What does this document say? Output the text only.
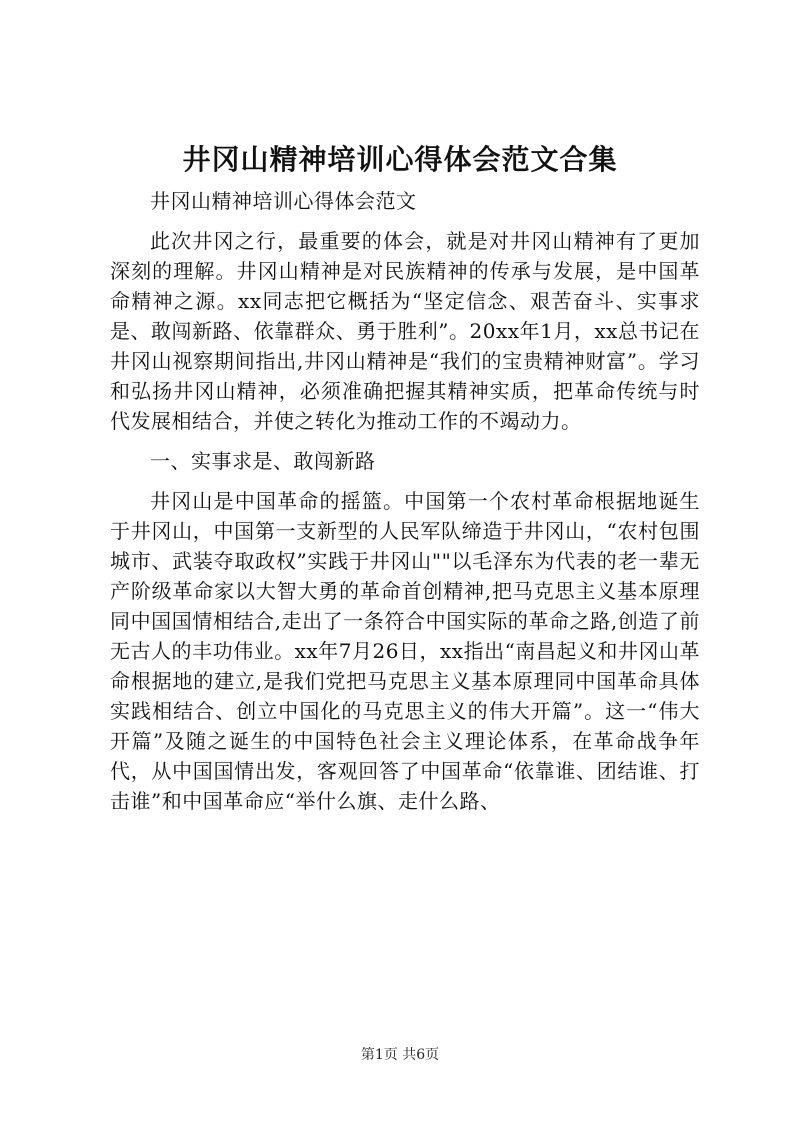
井冈山精神培训心得体会范文合集

井冈山精神培训心得体会范文

此次井冈之行，最重要的体会，就是对井冈山精神有了更加深刻的理解。井冈山精神是对民族精神的传承与发展，是中国革命精神之源。xx同志把它概括为“坚定信念、艰苦奋斗、实事求是、敢闯新路、依靠群众、勇于胜利”。20xx年1月，xx总书记在井冈山视察期间指出,井冈山精神是“我们的宝贵精神财富”。学习和弘扬井冈山精神，必须准确把握其精神实质，把革命传统与时代发展相结合，并使之转化为推动工作的不竭动力。

一、实事求是、敢闯新路

井冈山是中国革命的摇篮。中国第一个农村革命根据地诞生于井冈山，中国第一支新型的人民军队缔造于井冈山，“农村包围城市、武装夺取政权”实践于井冈山""以毛泽东为代表的老一辈无产阶级革命家以大智大勇的革命首创精神,把马克思主义基本原理同中国国情相结合,走出了一条符合中国实际的革命之路,创造了前无古人的丰功伟业。xx年7月26日，xx指出“南昌起义和井冈山革命根据地的建立,是我们党把马克思主义基本原理同中国革命具体实践相结合、创立中国化的马克思主义的伟大开篇”。这一“伟大开篇”及随之诞生的中国特色社会主义理论体系，在革命战争年代，从中国国情出发，客观回答了中国革命“依靠谁、团结谁、打击谁”和中国革命应“举什么旗、走什么路、

第1页 共6页
